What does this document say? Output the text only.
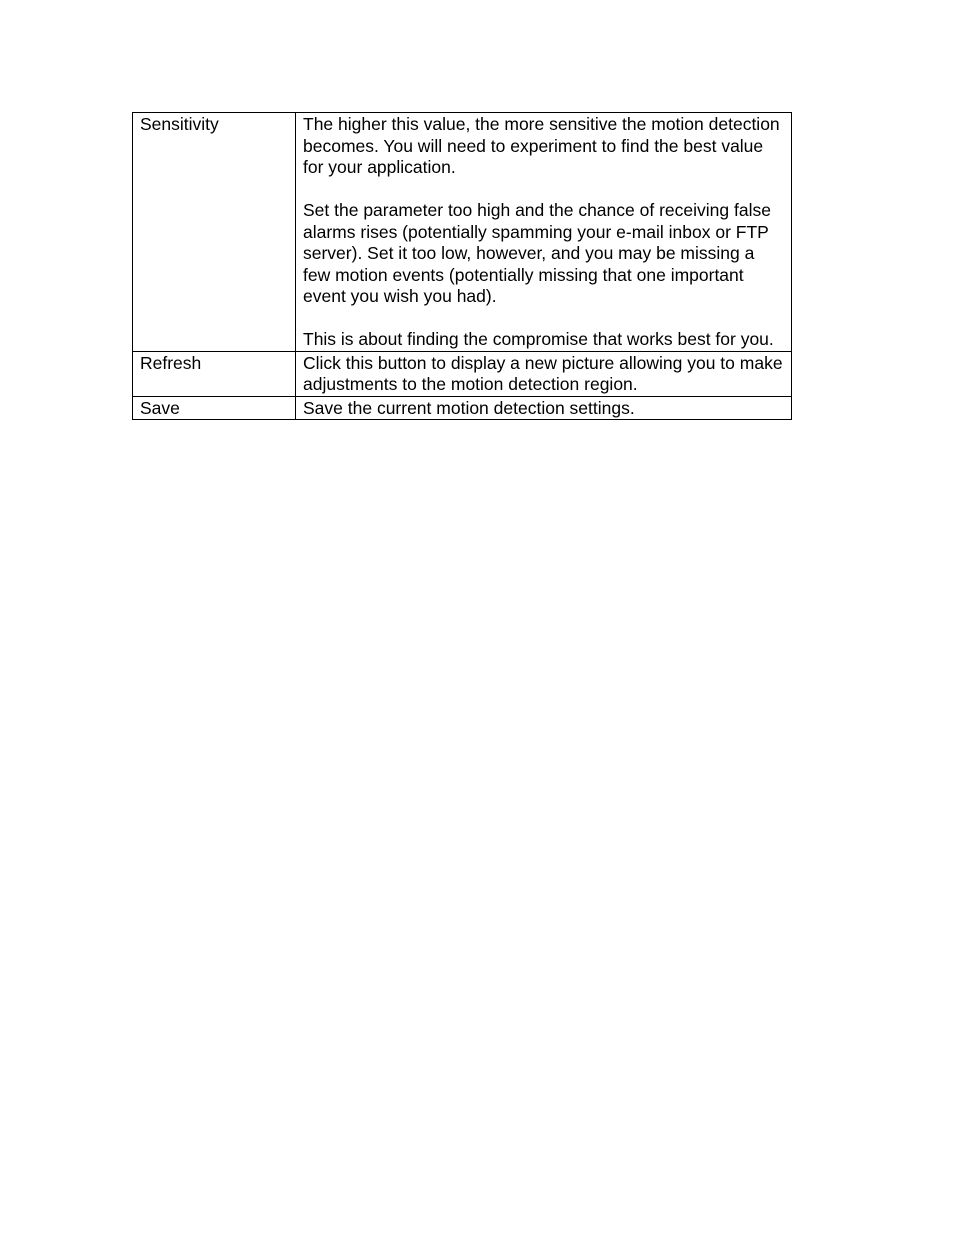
Sensitivity	The higher this value, the more sensitive the motion detection becomes. You will need to experiment to find the best value for your application.

Set the parameter too high and the chance of receiving false alarms rises (potentially spamming your e-mail inbox or FTP server). Set it too low, however, and you may be missing a few motion events (potentially missing that one important event you wish you had).

This is about finding the compromise that works best for you.

Refresh	Click this button to display a new picture allowing you to make adjustments to the motion detection region.

Save	Save the current motion detection settings.
